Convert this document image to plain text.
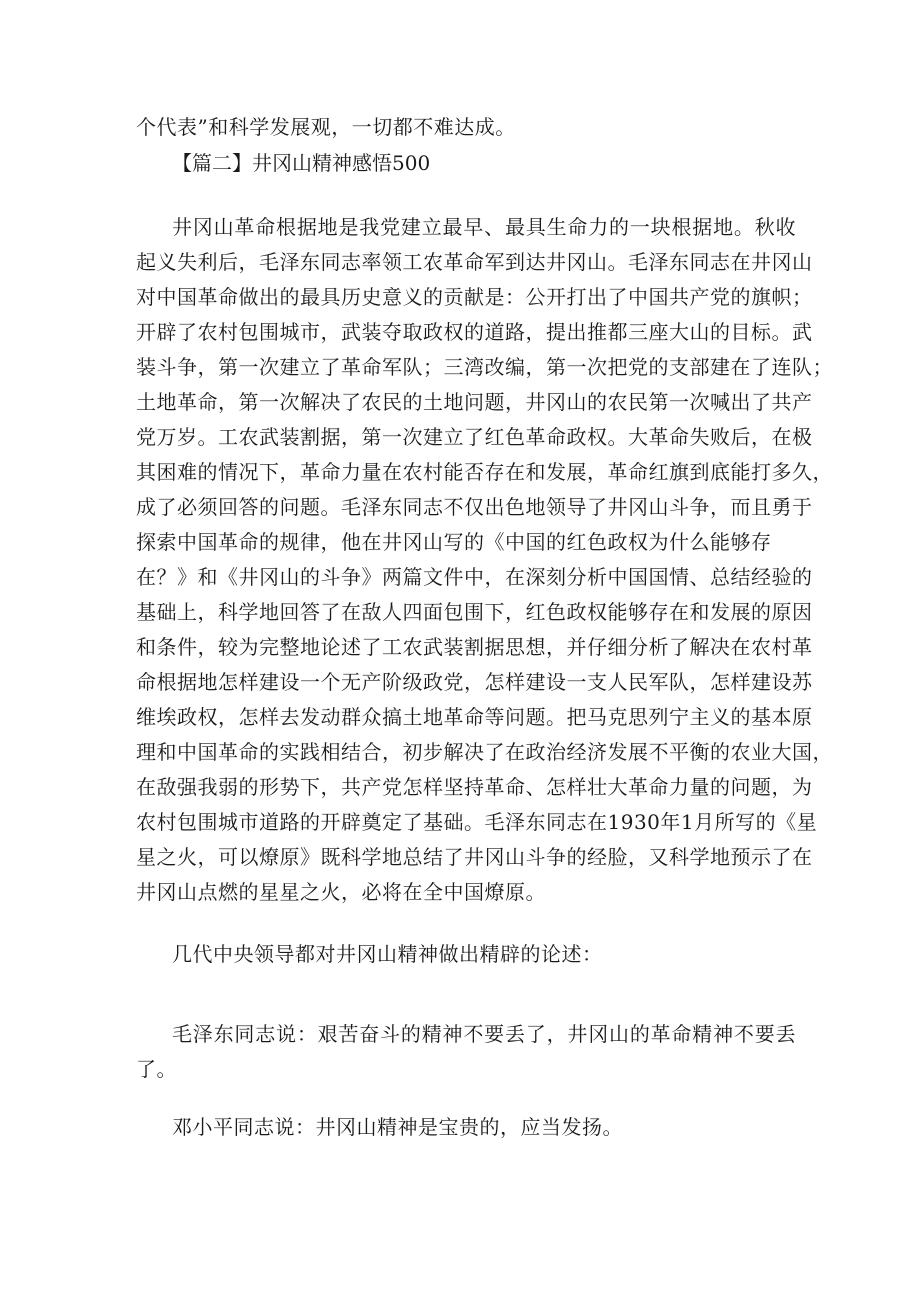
个代表”和科学发展观，一切都不难达成。
【篇二】井冈山精神感悟500
井冈山革命根据地是我党建立最早、最具生命力的一块根据地。秋收
起义失利后，毛泽东同志率领工农革命军到达井冈山。毛泽东同志在井冈山
对中国革命做出的最具历史意义的贡献是：公开打出了中国共产党的旗帜；
开辟了农村包围城市，武装夺取政权的道路，提出推都三座大山的目标。武
装斗争，第一次建立了革命军队；三湾改编，第一次把党的支部建在了连队；
土地革命，第一次解决了农民的土地问题，井冈山的农民第一次喊出了共产
党万岁。工农武装割据，第一次建立了红色革命政权。大革命失败后，在极
其困难的情况下，革命力量在农村能否存在和发展，革命红旗到底能打多久，
成了必须回答的问题。毛泽东同志不仅出色地领导了井冈山斗争，而且勇于
探索中国革命的规律，他在井冈山写的《中国的红色政权为什么能够存
在？》和《井冈山的斗争》两篇文件中，在深刻分析中国国情、总结经验的
基础上，科学地回答了在敌人四面包围下，红色政权能够存在和发展的原因
和条件，较为完整地论述了工农武装割据思想，并仔细分析了解决在农村革
命根据地怎样建设一个无产阶级政党，怎样建设一支人民军队，怎样建设苏
维埃政权，怎样去发动群众搞土地革命等问题。把马克思列宁主义的基本原
理和中国革命的实践相结合，初步解决了在政治经济发展不平衡的农业大国，
在敌强我弱的形势下，共产党怎样坚持革命、怎样壮大革命力量的问题，为
农村包围城市道路的开辟奠定了基础。毛泽东同志在1930年1月所写的《星
星之火，可以燎原》既科学地总结了井冈山斗争的经脸，又科学地预示了在
井冈山点燃的星星之火，必将在全中国燎原。
几代中央领导都对井冈山精神做出精辟的论述：
毛泽东同志说：艰苦奋斗的精神不要丢了，井冈山的革命精神不要丢
了。
邓小平同志说：井冈山精神是宝贵的，应当发扬。
